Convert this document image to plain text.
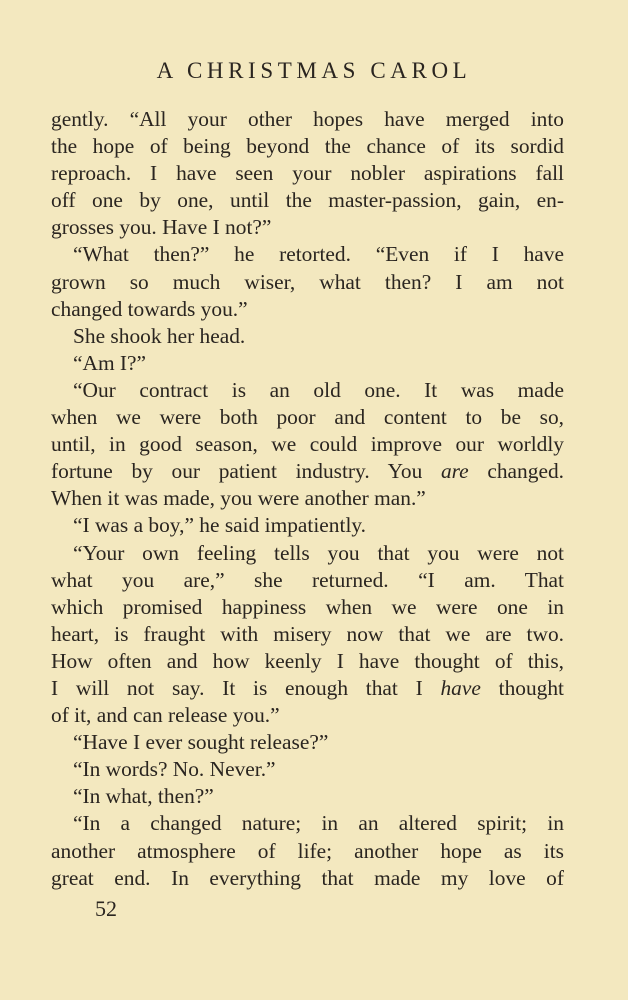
A CHRISTMAS CAROL
gently. “All your other hopes have merged into
the hope of being beyond the chance of its sordid
reproach. I have seen your nobler aspirations fall
off one by one, until the master-passion, gain, en-
grosses you. Have I not?”
“What then?” he retorted. “Even if I have
grown so much wiser, what then? I am not
changed towards you.”
She shook her head.
“Am I?”
“Our contract is an old one. It was made
when we were both poor and content to be so,
until, in good season, we could improve our worldly
fortune by our patient industry. You are changed.
When it was made, you were another man.”
“I was a boy,” he said impatiently.
“Your own feeling tells you that you were not
what you are,” she returned. “I am. That
which promised happiness when we were one in
heart, is fraught with misery now that we are two.
How often and how keenly I have thought of this,
I will not say. It is enough that I have thought
of it, and can release you.”
“Have I ever sought release?”
“In words? No. Never.”
“In what, then?”
“In a changed nature; in an altered spirit; in
another atmosphere of life; another hope as its
great end. In everything that made my love of
52
